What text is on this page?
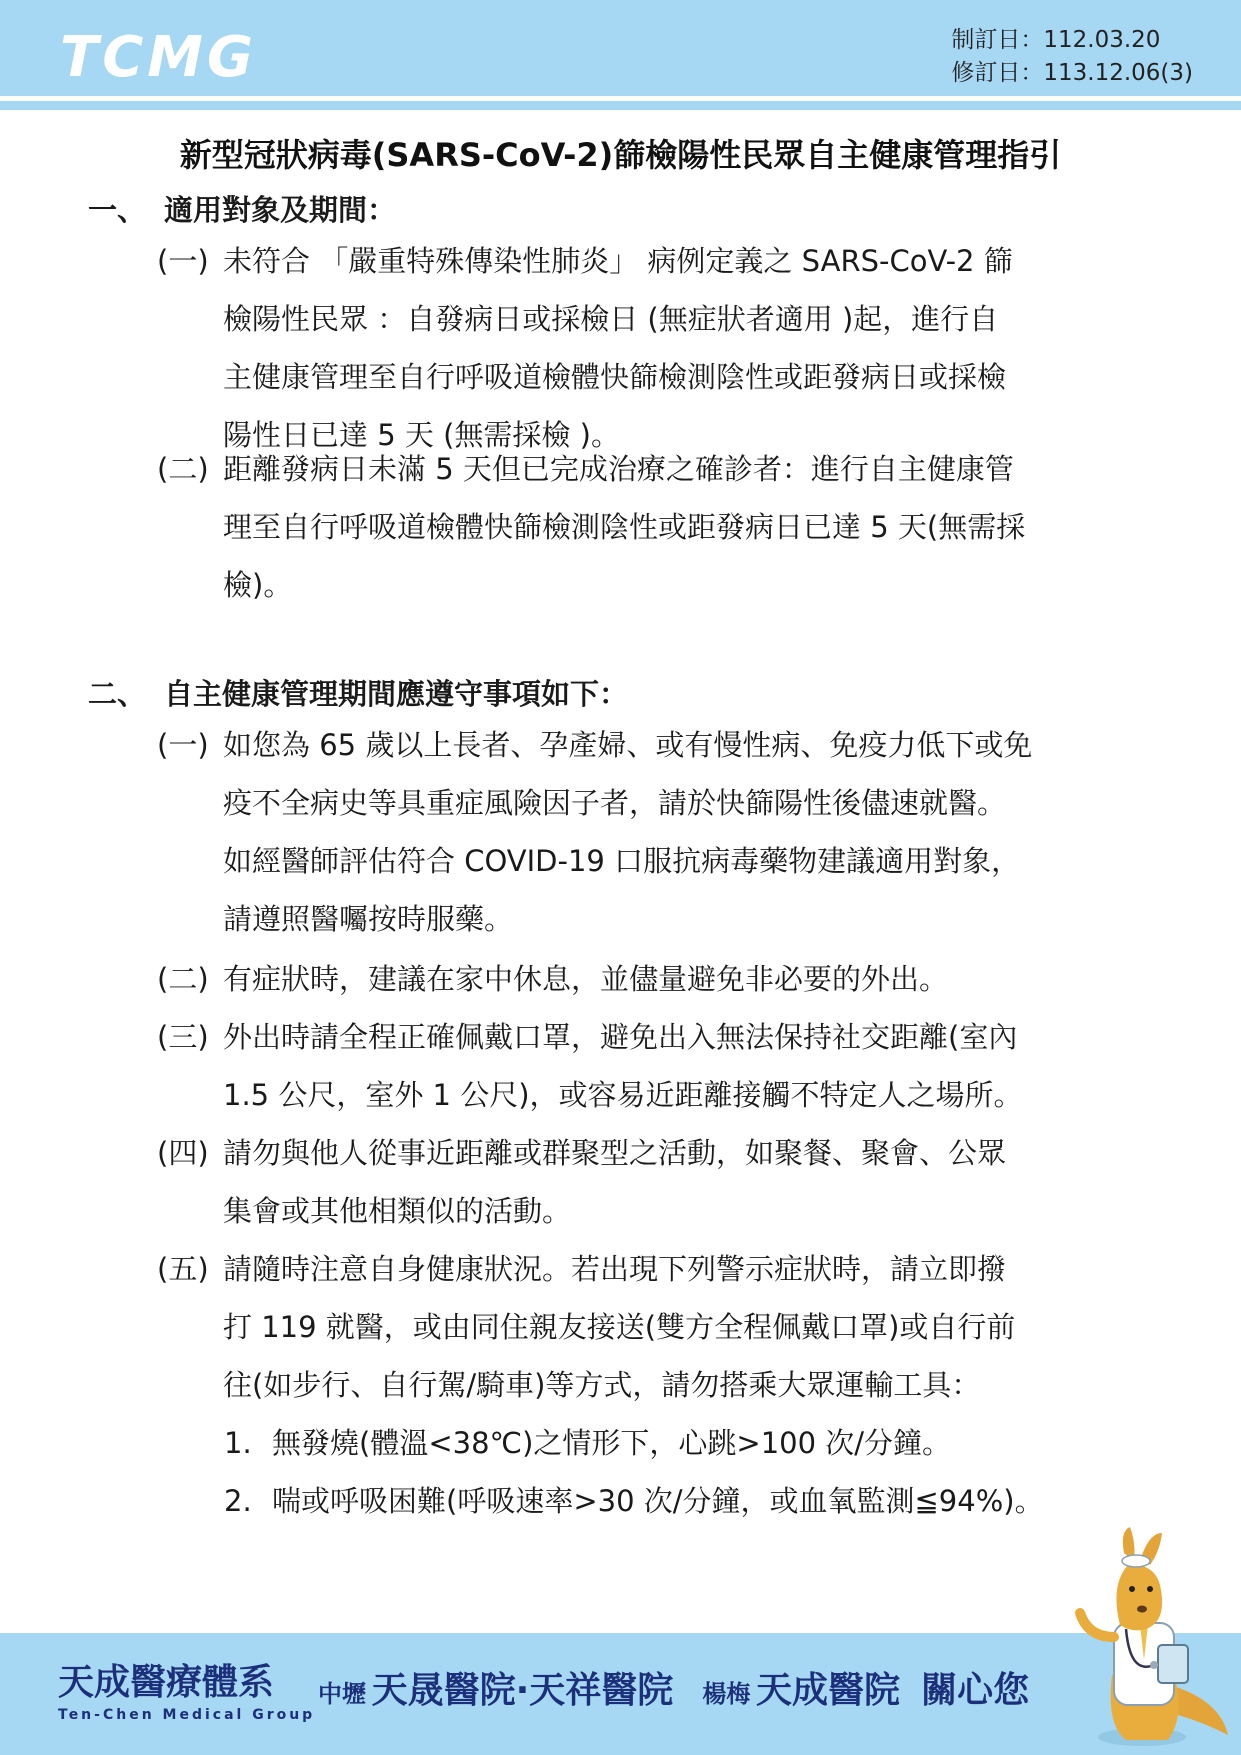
TCMG	制訂日：112.03.20
修訂日：113.12.06(3)
新型冠狀病毒(SARS-CoV-2)篩檢陽性民眾自主健康管理指引
一、 適用對象及期間：
(一) 未符合 「嚴重特殊傳染性肺炎」 病例定義之 SARS-CoV-2 篩
檢陽性民眾 ：自發病日或採檢日 (無症狀者適用 )起，進行自
主健康管理至自行呼吸道檢體快篩檢測陰性或距發病日或採檢
陽性日已達 5 天 (無需採檢 )。
(二) 距離發病日未滿 5 天但已完成治療之確診者：進行自主健康管
理至自行呼吸道檢體快篩檢測陰性或距發病日已達 5 天(無需採
檢)。
二、 自主健康管理期間應遵守事項如下：
(一) 如您為 65 歲以上長者、孕產婦、或有慢性病、免疫力低下或免
疫不全病史等具重症風險因子者，請於快篩陽性後儘速就醫。
如經醫師評估符合 COVID-19 口服抗病毒藥物建議適用對象，
請遵照醫囑按時服藥。
(二) 有症狀時，建議在家中休息，並儘量避免非必要的外出。
(三) 外出時請全程正確佩戴口罩，避免出入無法保持社交距離(室內
1.5 公尺，室外 1 公尺)，或容易近距離接觸不特定人之場所。
(四) 請勿與他人從事近距離或群聚型之活動，如聚餐、聚會、公眾
集會或其他相類似的活動。
(五) 請隨時注意自身健康狀況。若出現下列警示症狀時，請立即撥
打 119 就醫，或由同住親友接送(雙方全程佩戴口罩)或自行前
往(如步行、自行駕/騎車)等方式，請勿搭乘大眾運輸工具：
1. 無發燒(體溫<38℃)之情形下，心跳>100 次/分鐘。
2. 喘或呼吸困難(呼吸速率>30 次/分鐘，或血氧監測≦94%)。
天成醫療體系
Ten-Chen Medical Group
中壢 天晟醫院·天祥醫院 楊梅 天成醫院 關心您
